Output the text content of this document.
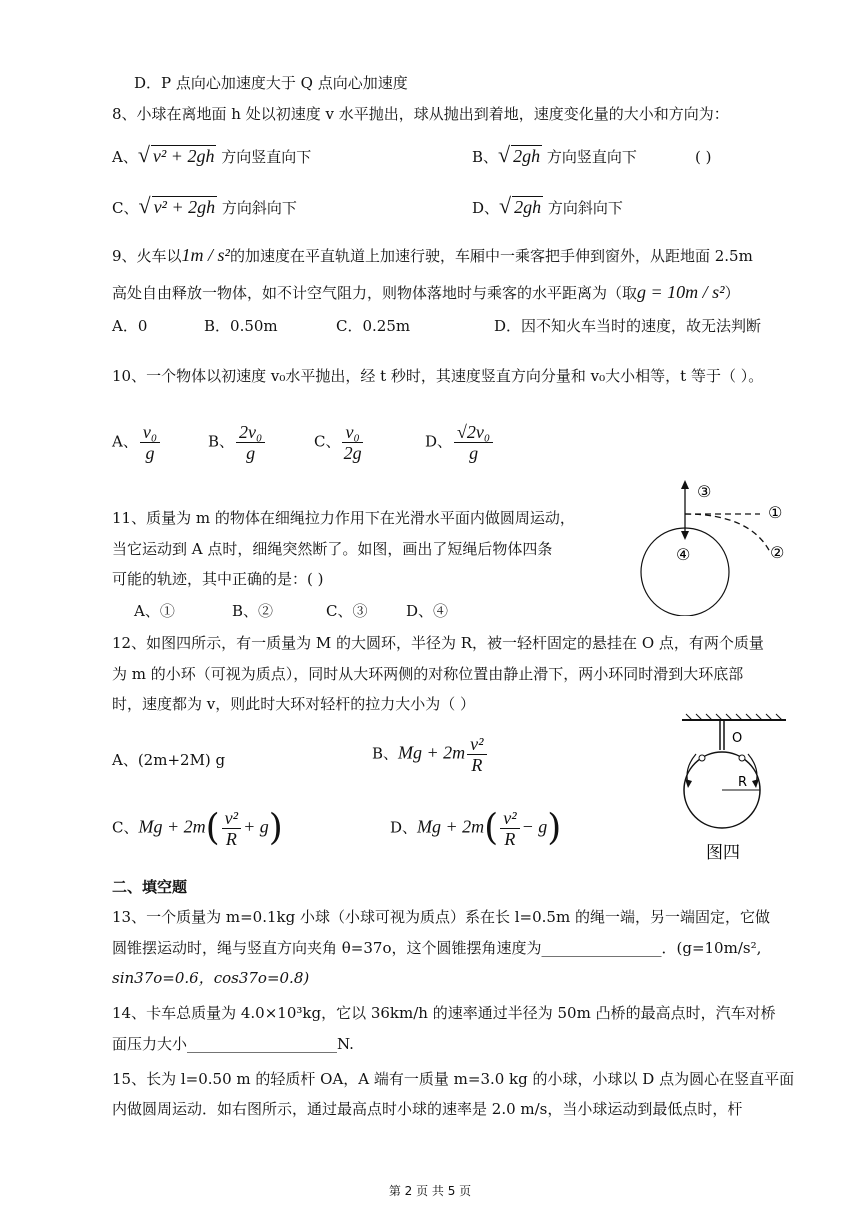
D．P 点向心加速度大于 Q 点向心加速度
8、小球在离地面 h 处以初速度 v 水平抛出，球从抛出到着地，速度变化量的大小和方向为：
A、√ v² + 2gh 方向竖直向下	B、√ 2gh 方向竖直向下	( )
C、√ v² + 2gh 方向斜向下	D、√ 2gh 方向斜向下
9、火车以1m / s²的加速度在平直轨道上加速行驶，车厢中一乘客把手伸到窗外，从距地面 2.5m
高处自由释放一物体，如不计空气阻力，则物体落地时与乘客的水平距离为（取g = 10m / s²）
A．0	B．0.50m	C．0.25m	D．因不知火车当时的速度，故无法判断
10、一个物体以初速度 v₀水平抛出，经 t 秒时，其速度竖直方向分量和 v₀大小相等，t 等于（ ）。
A、 $\frac{\text{v₀}}{g}$	B、 $\frac{\text{2v₀}}{g}$	C、 $\frac{\text{v₀}}{2g}$	D、 $\frac{\text{√2v₀}}{g}$
11、质量为 m 的物体在细绳拉力作用下在光滑水平面内做圆周运动，
当它运动到 A 点时，细绳突然断了。如图，画出了短绳后物体四条
可能的轨迹，其中正确的是：( )
A、①	B、②	C、③	D、④
③
①
④	②
12、如图四所示，有一质量为 M 的大圆环，半径为 R，被一轻杆固定的悬挂在 O 点，有两个质量
为 m 的小环（可视为质点），同时从大环两侧的对称位置由静止滑下，两小环同时滑到大环底部
时，速度都为 v，则此时大环对轻杆的拉力大小为（ ）
A、(2m+2M) g	B、$Mg + 2m \frac{\text{v²}}{R}$
C、$Mg + 2m( \frac{\text{v²}}{R} + g)$	D、$Mg + 2m( \frac{\text{v²}}{R} - g)$
O
R
图四
二、填空题
13、一个质量为 m=0.1kg 小球（小球可视为质点）系在长 l=0.5m 的绳一端，另一端固定，它做
圆锥摆运动时，绳与竖直方向夹角 θ=37o，这个圆锥摆角速度为________________．(g=10m/s²,
sin37o=0.6，cos37o=0.8)
14、卡车总质量为 4.0×10³kg，它以 36km/h 的速率通过半径为 50m 凸桥的最高点时，汽车对桥
面压力大小____________________N.
15、长为 l=0.50 m 的轻质杆 OA，A 端有一质量 m=3.0 kg 的小球，小球以 D 点为圆心在竖直平面
内做圆周运动．如右图所示，通过最高点时小球的速率是 2.0 m/s，当小球运动到最低点时，杆
第 2 页 共 5 页
